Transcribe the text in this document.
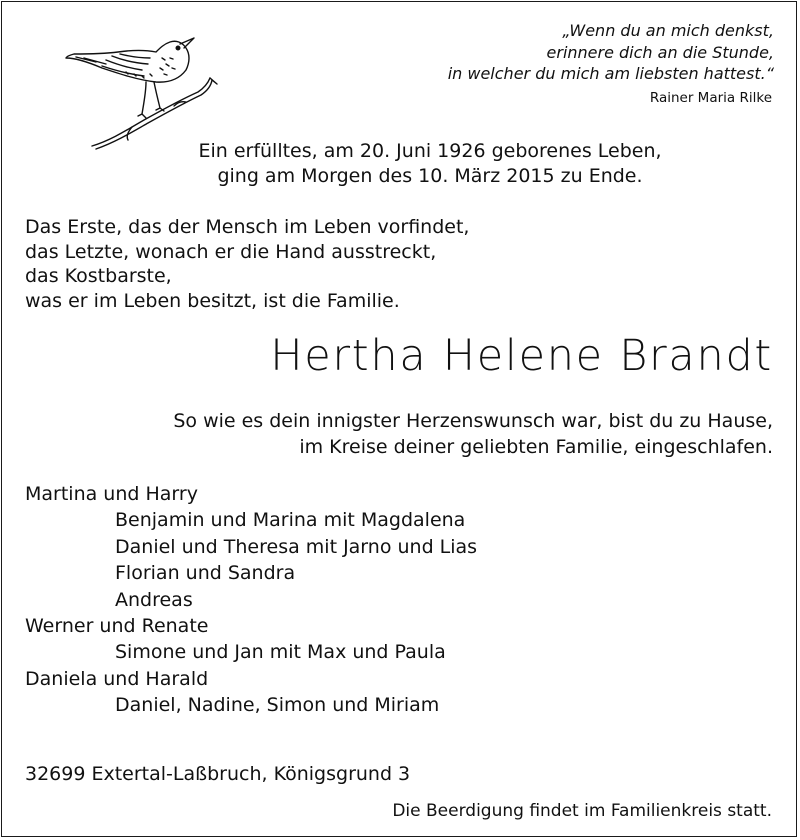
„Wenn du an mich denkst,
erinnere dich an die Stunde,
in welcher du mich am liebsten hattest.“
Rainer Maria Rilke
Ein erfülltes, am 20. Juni 1926 geborenes Leben,
ging am Morgen des 10. März 2015 zu Ende.
Das Erste, das der Mensch im Leben vorfindet,
das Letzte, wonach er die Hand ausstreckt,
das Kostbarste,
was er im Leben besitzt, ist die Familie.
Hertha Helene Brandt
So wie es dein innigster Herzenswunsch war, bist du zu Hause,
im Kreise deiner geliebten Familie, eingeschlafen.
Martina und Harry
Benjamin und Marina mit Magdalena
Daniel und Theresa mit Jarno und Lias
Florian und Sandra
Andreas
Werner und Renate
Simone und Jan mit Max und Paula
Daniela und Harald
Daniel, Nadine, Simon und Miriam
32699 Extertal-Laßbruch, Königsgrund 3
Die Beerdigung findet im Familienkreis statt.
